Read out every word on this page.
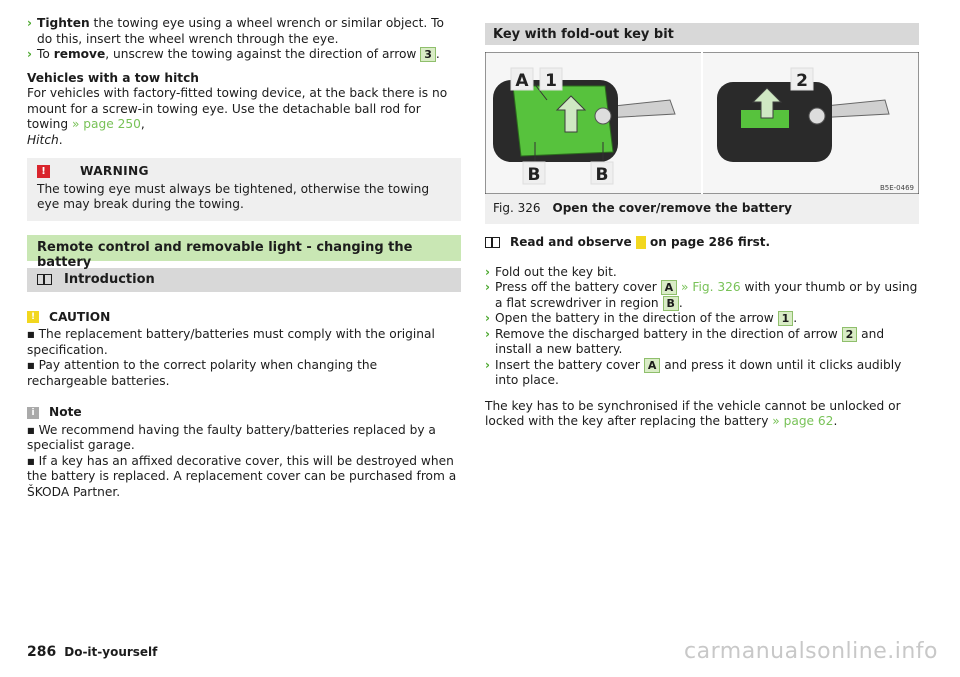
› Tighten the towing eye using a wheel wrench or similar object. To do this, insert the wheel wrench through the eye.
› To remove, unscrew the towing against the direction of arrow 3 .

Vehicles with a tow hitch
For vehicles with factory-fitted towing device, at the back there is no mount for a screw-in towing eye. Use the detachable ball rod for towing » page 250,
Hitch.

!	WARNING
The towing eye must always be tightened, otherwise the towing eye may break during the towing.
Remote control and removable light - changing the battery
Introduction
!	CAUTION
■ The replacement battery/batteries must comply with the original specification.
■ Pay attention to the correct polarity when changing the rechargeable batteries.
i	Note
■ We recommend having the faulty battery/batteries replaced by a specialist garage.
■ If a key has an affixed decorative cover, this will be destroyed when the battery is replaced. A replacement cover can be purchased from a ŠKODA Partner.
Key with fold-out key bit
A 1	2
B	B
B5E-0469
Fig. 326 Open the cover/remove the battery
Read and observe

on page 286 first.
› Fold out the key bit.
› Press off the battery cover A » Fig. 326 with your thumb or by using a flat screwdriver in region B .
› Open the battery in the direction of the arrow 1 .
› Remove the discharged battery in the direction of arrow 2 and install a new battery.
› Insert the battery cover A and press it down until it clicks audibly into place.

The key has to be synchronised if the vehicle cannot be unlocked or locked with the key after replacing the battery » page 62.

286 Do-it-yourself	carmanualsonline.info
